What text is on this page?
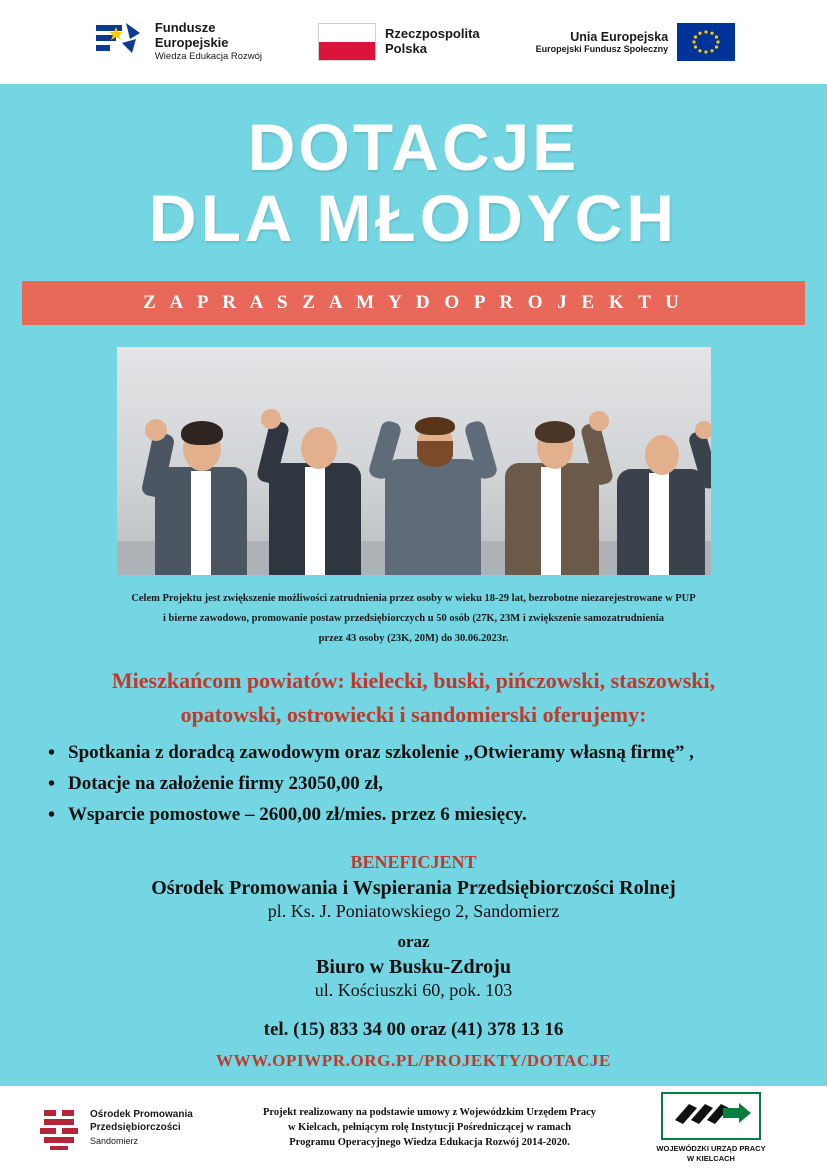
Fundusze
Europejskie
Wiedza Edukacja Rozwój
Rzeczpospolita
Polska
Unia Europejska
Europejski Fundusz Społeczny
DOTACJE
DLA MŁODYCH
Z A P R A S Z A M Y D O P R O J E K T U
Celem Projektu jest zwiększenie możliwości zatrudnienia przez osoby w wieku 18-29 lat, bezrobotne niezarejestrowane w PUP
i bierne zawodowo, promowanie postaw przedsiębiorczych u 50 osób (27K, 23M i zwiększenie samozatrudnienia
przez 43 osoby (23K, 20M) do 30.06.2023r.
Mieszkańcom powiatów: kielecki, buski, pińczowski, staszowski,
opatowski, ostrowiecki i sandomierski oferujemy:
• Spotkania z doradcą zawodowym oraz szkolenie „Otwieramy własną firmę” ,
• Dotacje na założenie firmy 23050,00 zł,
• Wsparcie pomostowe – 2600,00 zł/mies. przez 6 miesięcy.
BENEFICJENT
Ośrodek Promowania i Wspierania Przedsiębiorczości Rolnej
pl. Ks. J. Poniatowskiego 2, Sandomierz
oraz
Biuro w Busku-Zdroju
ul. Kościuszki 60, pok. 103
tel. (15) 833 34 00 oraz (41) 378 13 16
WWW.OPIWPR.ORG.PL/PROJEKTY/DOTACJE
Ośrodek Promowania
Przedsiębiorczości
Sandomierz
Projekt realizowany na podstawie umowy z Wojewódzkim Urzędem Pracy
w Kielcach, pełniącym rolę Instytucji Pośredniczącej w ramach
Programu Operacyjnego Wiedza Edukacja Rozwój 2014-2020.
WOJEWÓDZKI URZĄD PRACY
W KIELCACH
